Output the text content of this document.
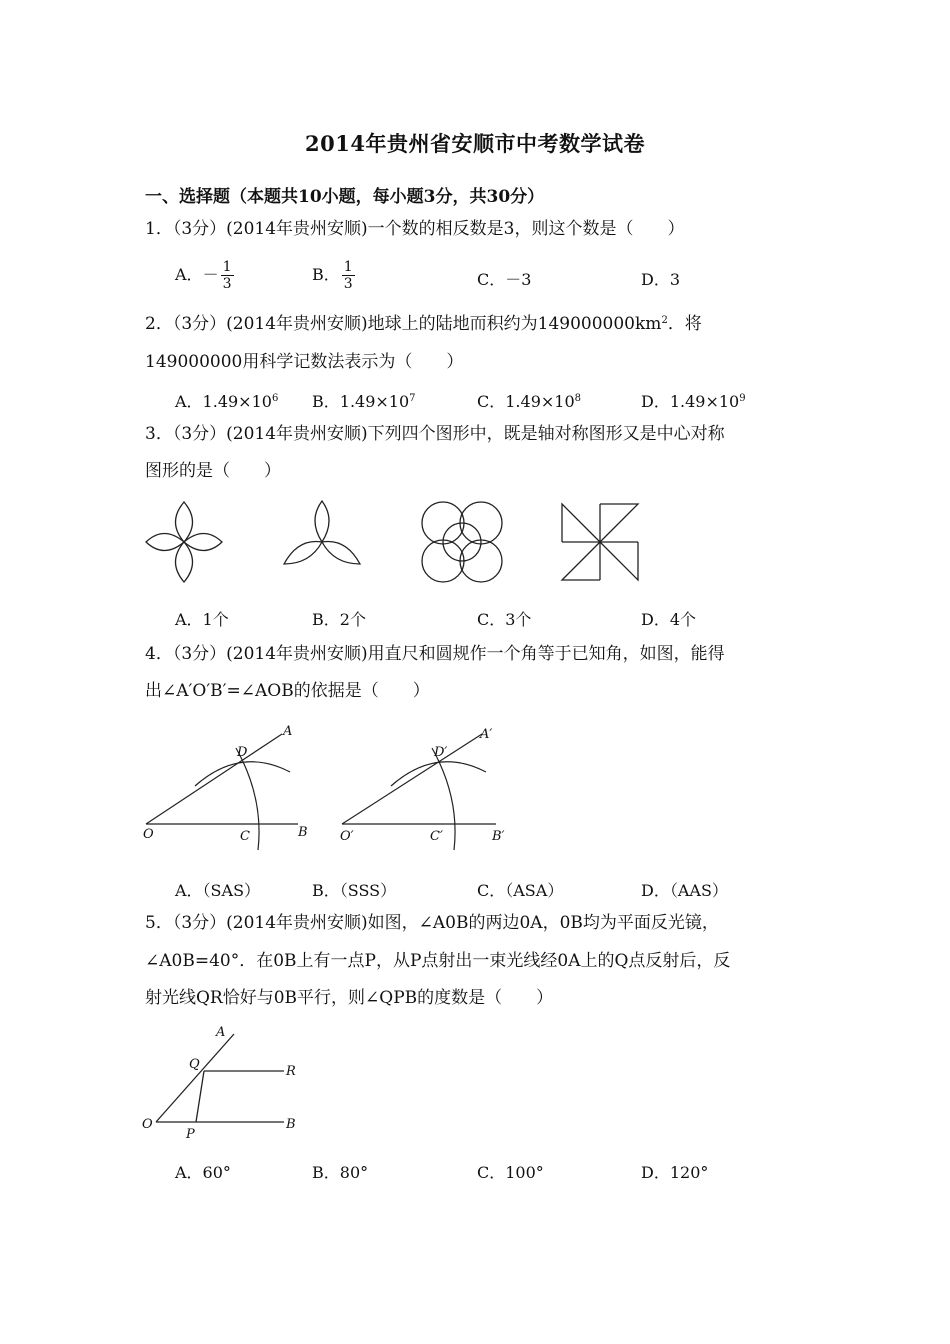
2014年贵州省安顺市中考数学试卷
一、选择题（本题共10小题，每小题3分，共30分）
1．（3分）(2014年贵州安顺)一个数的相反数是3，则这个数是（　　）
A．－ $\frac{1}{3}$	B． $\frac{1}{3}$	C．－3	D．3
2．（3分）(2014年贵州安顺)地球上的陆地而积约为$149000000km^2$．将
149000000用科学记数法表示为（　　）
A．$1.49\times 10^6$ B．$1.49\times 10^7$	C．$1.49\times 10^8$	D．$1.49\times 10^9$
3．（3分）(2014年贵州安顺)下列四个图形中，既是轴对称图形又是中心对称
图形的是（　　）
A．1个	B．2个	C．3个	D．4个
4．（3分）(2014年贵州安顺)用直尺和圆规作一个角等于已知角，如图，能得
出∠A′O′B′=∠AOB的依据是（　　）
O	C	B
D
A
O′	C′	B′
D′
A′
A．（SAS）	B．（SSS）	C．（ASA）	D．（AAS）
5．（3分）(2014年贵州安顺)如图，∠A0B的两边0A，0B均为平面反光镜，
∠A0B=40°．在0B上有一点P，从P点射出一束光线经0A上的Q点反射后，反
射光线QR恰好与0B平行，则∠QPB的度数是（　　）
A
Q	R
O
P
B
A．60°	B．80°	C．100°	D．120°
